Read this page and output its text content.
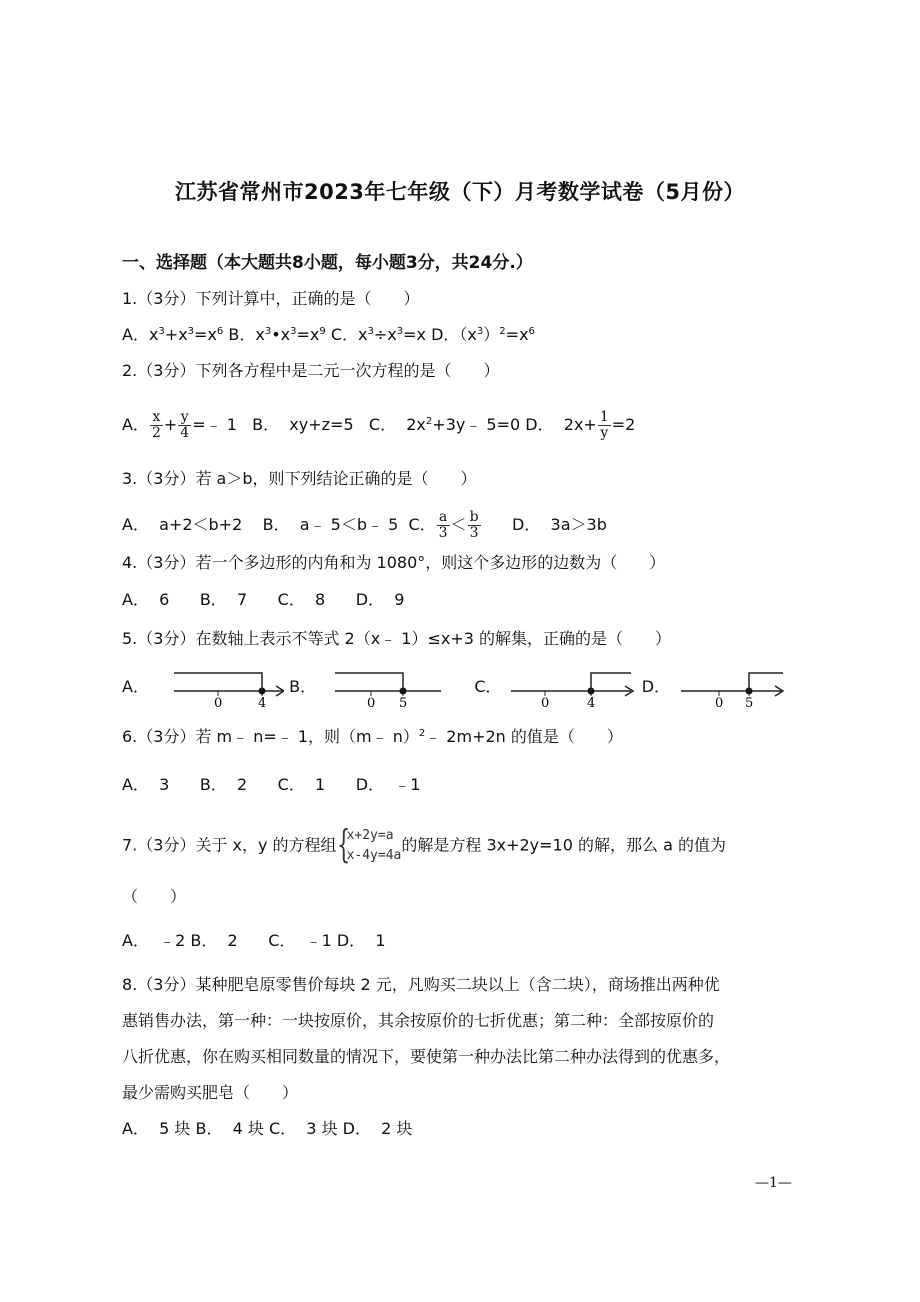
江苏省常州市2023年七年级（下）月考数学试卷（5月份）
一、选择题（本大题共8小题，每小题3分，共24分.）
1.（3分）下列计算中，正确的是（　　）
A．$x^3+x^3=x^6$ B．$x^3•x^3=x^9$ C．$x^3\div x^3=x$ D．$(x^3)^2=x^6$
2.（3分）下列各方程中是二元一次方程的是（　　）
A． $\frac{x}{2} + \frac{y}{4}$ =﹣ 1   B．  xy+z=5   C．  $2x^2+3y﹣$ 5=0 D．  $2x+ \frac{1}{y} =2$
3.（3分）若 a＞b，则下列结论正确的是（　　）
A．  a+2＜b+2    B．  a﹣ 5＜b﹣ 5  C． $\frac{a}{3} < \frac{b}{3}$ D．  3a＞3b
4.（3分）若一个多边形的内角和为 1080°，则这个多边形的边数为（　　）
A．  6      B．  7      C．  8      D．  9
5.（3分）在数轴上表示不等式 2（x﹣ 1）≤x+3 的解集，正确的是（　　）
A．
0	4
B．
0 5
C．
0	4
D．
0 5
6.（3分）若 m﹣ n=﹣ 1，则（m﹣ n）$^2$﹣ 2m+2n 的值是（　　）
A．  3      B．  2      C．  1      D．  ﹣1
7.（3分）关于 x，y 的方程组 {
x+2y=a
x-4y=4a
的解是方程 3x+2y=10 的解，那么 a 的值为
（　　）
A．  ﹣2 B．  2      C．  ﹣1 D．  1
8.（3分）某种肥皂原零售价每块 2 元，凡购买二块以上（含二块），商场推出两种优
惠销售办法，第一种：一块按原价，其余按原价的七折优惠；第二种：全部按原价的
八折优惠，你在购买相同数量的情况下，要使第一种办法比第二种办法得到的优惠多，
最少需购买肥皂（　　）
A．  5 块 B．  4 块 C．  3 块 D．  2 块
—1—
